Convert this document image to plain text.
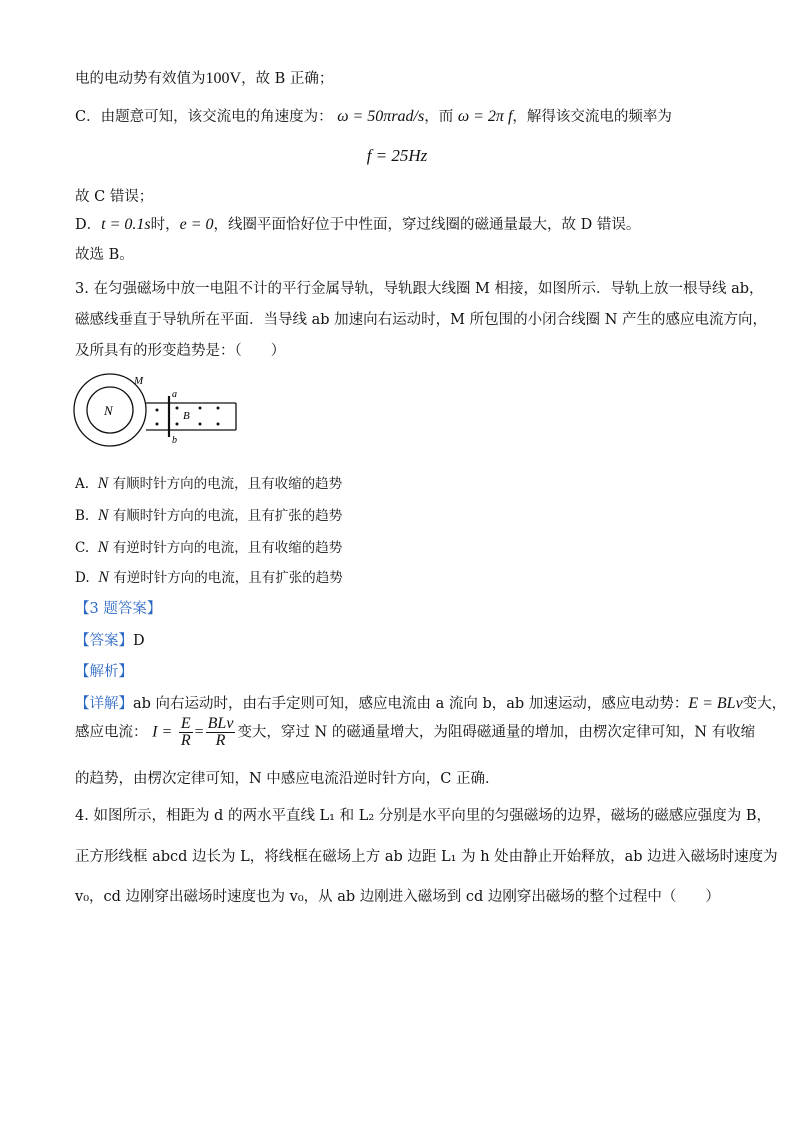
电的电动势有效值为100V，故 B 正确；
C．由题意可知，该交流电的角速度为： ω = 50πrad/s，而 ω = 2π f，解得该交流电的频率为
f = 25Hz
故 C 错误；
D．t = 0.1s时，e = 0，线圈平面恰好位于中性面，穿过线圈的磁通量最大，故 D 错误。
故选 B。
3. 在匀强磁场中放一电阻不计的平行金属导轨，导轨跟大线圈 M 相接，如图所示．导轨上放一根导线 ab，
磁感线垂直于导轨所在平面．当导线 ab 加速向右运动时，M 所包围的小闭合线圈 N 产生的感应电流方向，
及所具有的形变趋势是：（　　）
N
M
a
b
B
A. N 有顺时针方向的电流，且有收缩的趋势
B. N 有顺时针方向的电流，且有扩张的趋势
C. N 有逆时针方向的电流，且有收缩的趋势
D. N 有逆时针方向的电流，且有扩张的趋势
【3 题答案】
【答案】D
【解析】
【详解】ab 向右运动时，由右手定则可知，感应电流由 a 流向 b，ab 加速运动，感应电动势：E = BLv变大，
感应电流： $I = \frac{E}{R} = \frac{\text{BLv}}{R}$ 变大，穿过 N 的磁通量增大，为阻碍磁通量的增加，由楞次定律可知，N 有收缩
的趋势，由楞次定律可知，N 中感应电流沿逆时针方向，C 正确．
4. 如图所示，相距为 d 的两水平直线 L₁ 和 L₂ 分别是水平向里的匀强磁场的边界，磁场的磁感应强度为 B，
正方形线框 abcd 边长为 L，将线框在磁场上方 ab 边距 L₁ 为 h 处由静止开始释放，ab 边进入磁场时速度为
v₀，cd 边刚穿出磁场时速度也为 v₀，从 ab 边刚进入磁场到 cd 边刚穿出磁场的整个过程中（　　）
